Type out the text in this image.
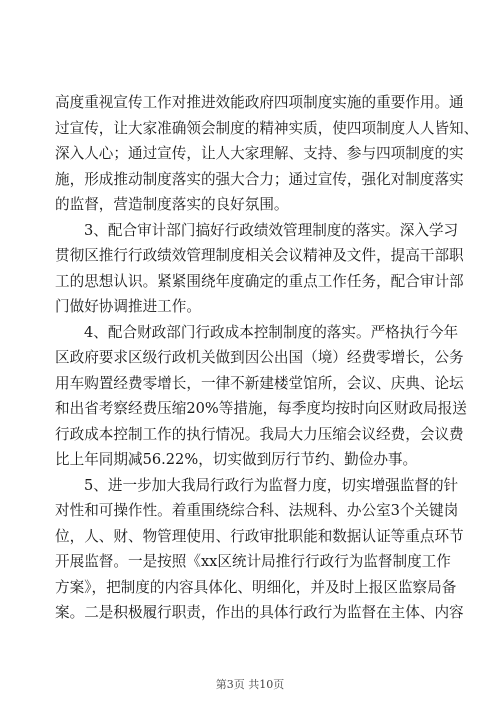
高度重视宣传工作对推进效能政府四项制度实施的重要作用。通
过宣传，让大家准确领会制度的精神实质，使四项制度人人皆知、
深入人心；通过宣传，让人大家理解、支持、参与四项制度的实
施，形成推动制度落实的强大合力；通过宣传，强化对制度落实
的监督，营造制度落实的良好氛围。
3、配合审计部门搞好行政绩效管理制度的落实。深入学习
贯彻区推行行政绩效管理制度相关会议精神及文件，提高干部职
工的思想认识。紧紧围绕年度确定的重点工作任务，配合审计部
门做好协调推进工作。
4、配合财政部门行政成本控制制度的落实。严格执行今年
区政府要求区级行政机关做到因公出国（境）经费零增长，公务
用车购置经费零增长，一律不新建楼堂馆所，会议、庆典、论坛
和出省考察经费压缩20%等措施，每季度均按时向区财政局报送
行政成本控制工作的执行情况。我局大力压缩会议经费，会议费
比上年同期减56.22%，切实做到厉行节约、勤俭办事。
5、进一步加大我局行政行为监督力度，切实增强监督的针
对性和可操作性。着重围绕综合科、法规科、办公室3个关键岗
位，人、财、物管理使用、行政审批职能和数据认证等重点环节
开展监督。一是按照《xx区统计局推行行政行为监督制度工作
方案》，把制度的内容具体化、明细化，并及时上报区监察局备
案。二是积极履行职责，作出的具体行政行为监督在主体、内容
第3页 共10页
